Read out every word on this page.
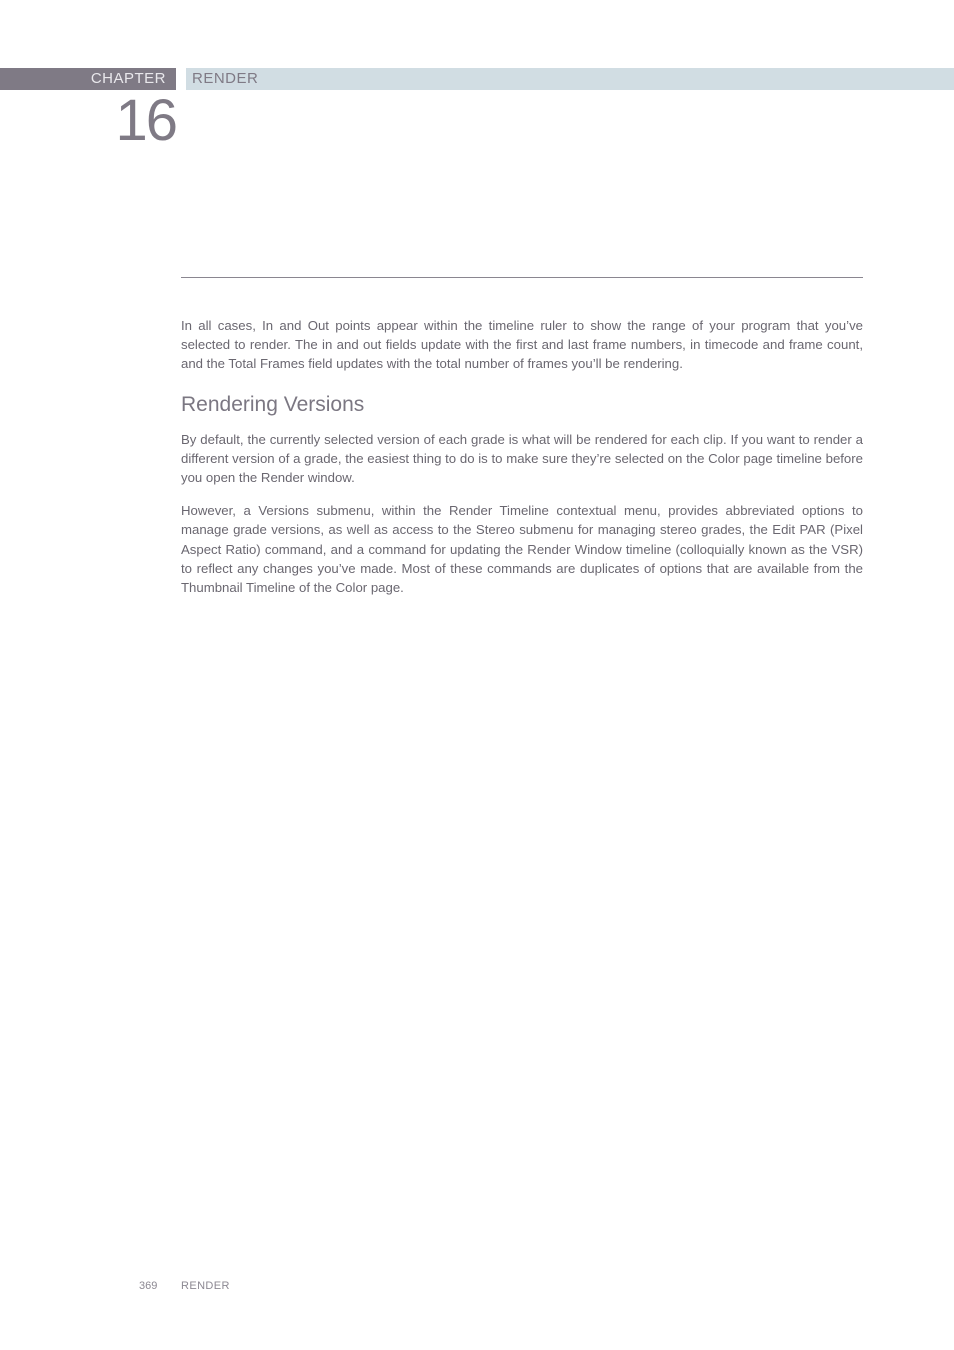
CHAPTER RENDER
16

In all cases, In and Out points appear within the timeline ruler to show the range of your program that you’ve selected to render. The in and out fields update with the first and last frame numbers, in timecode and frame count, and the Total Frames field updates with the total number of frames you’ll be rendering.

Rendering Versions

By default, the currently selected version of each grade is what will be rendered for each clip. If you want to render a different version of a grade, the easiest thing to do is to make sure they’re selected on the Color page timeline before you open the Render window.

However, a Versions submenu, within the Render Timeline contextual menu, provides abbreviated options to manage grade versions, as well as access to the Stereo submenu for managing stereo grades, the Edit PAR (Pixel Aspect Ratio) command, and a command for updating the Render Window timeline (colloquially known as the VSR) to reflect any changes you’ve made. Most of these commands are duplicates of options that are available from the Thumbnail Timeline of the Color page.

369 RENDER
